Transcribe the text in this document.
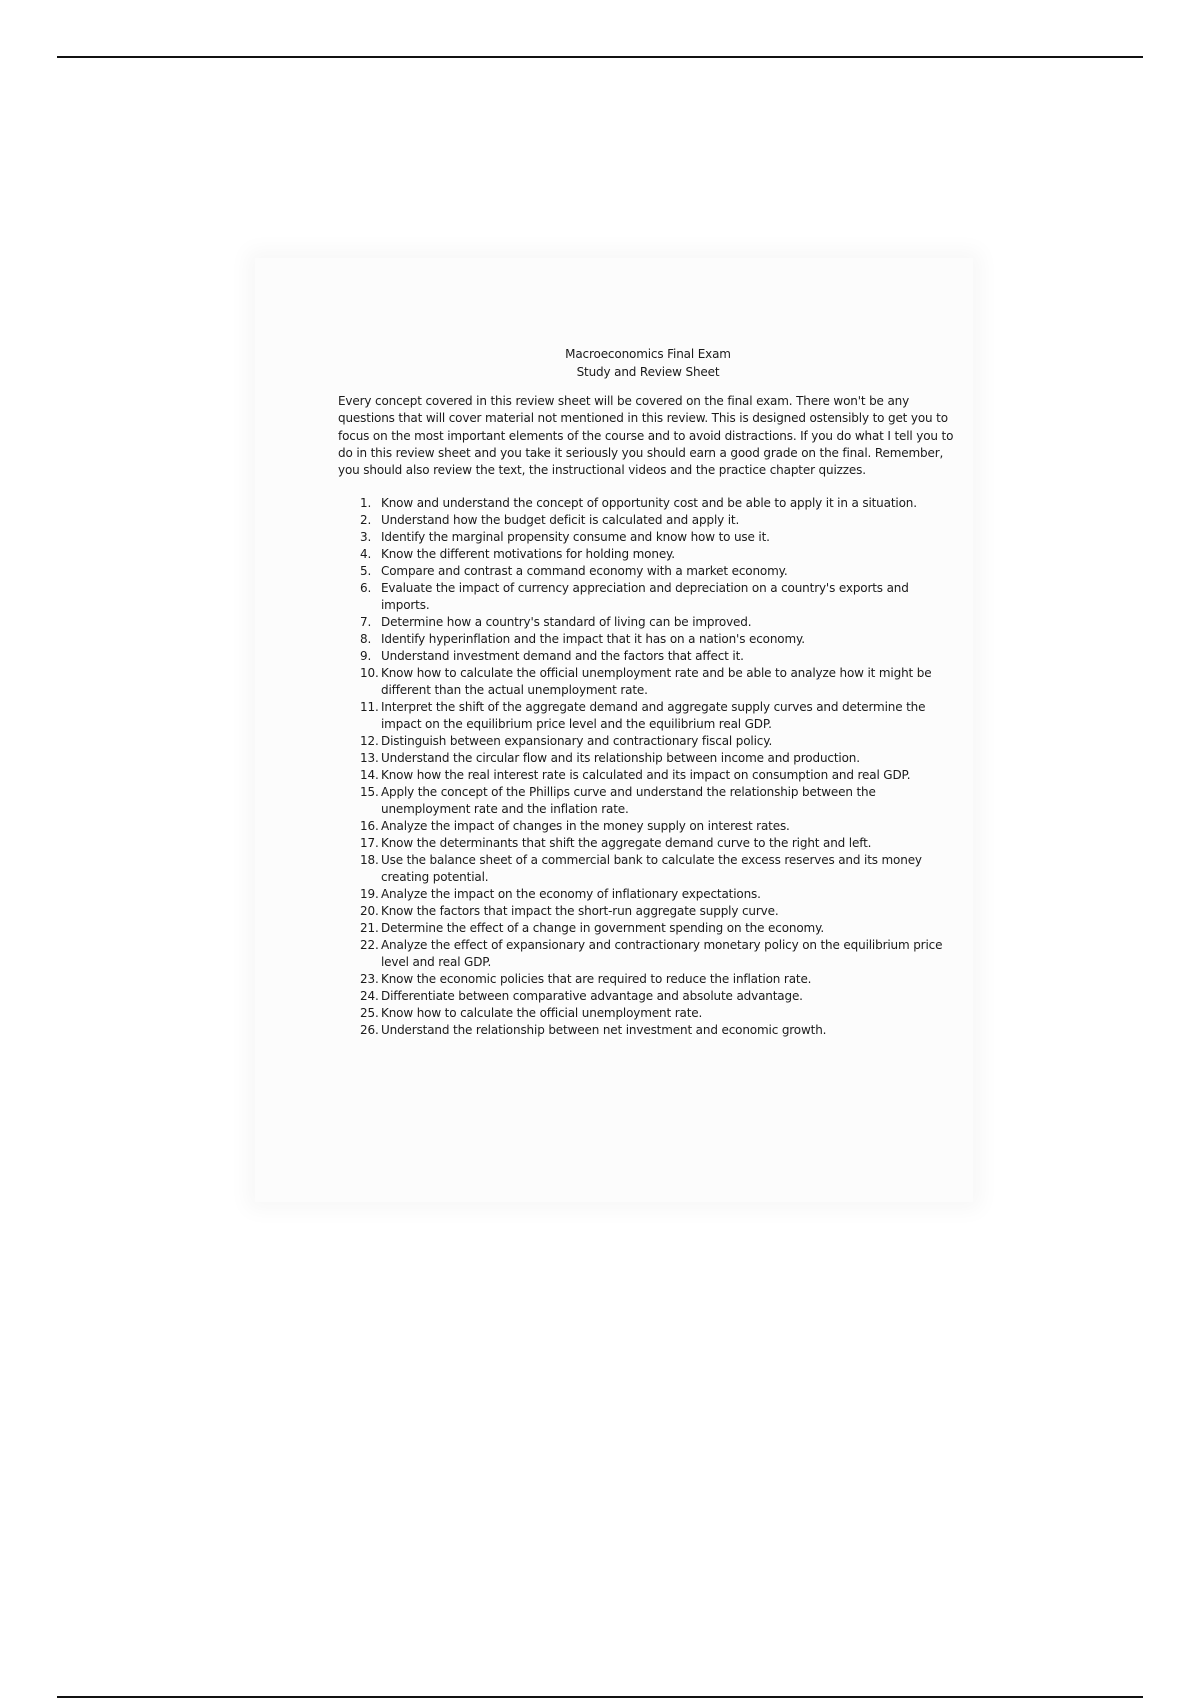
Macroeconomics Final Exam

Study and Review Sheet

Every concept covered in this review sheet will be covered on the final exam. There won't be any questions that will cover material not mentioned in this review. This is designed ostensibly to get you to focus on the most important elements of the course and to avoid distractions. If you do what I tell you to do in this review sheet and you take it seriously you should earn a good grade on the final. Remember, you should also review the text, the instructional videos and the practice chapter quizzes.

1. Know and understand the concept of opportunity cost and be able to apply it in a situation.
2. Understand how the budget deficit is calculated and apply it.
3. Identify the marginal propensity consume and know how to use it.
4. Know the different motivations for holding money.
5. Compare and contrast a command economy with a market economy.
6. Evaluate the impact of currency appreciation and depreciation on a country's exports and imports.
7. Determine how a country's standard of living can be improved.
8. Identify hyperinflation and the impact that it has on a nation's economy.
9. Understand investment demand and the factors that affect it.
10. Know how to calculate the official unemployment rate and be able to analyze how it might be different than the actual unemployment rate.
11. Interpret the shift of the aggregate demand and aggregate supply curves and determine the impact on the equilibrium price level and the equilibrium real GDP.
12. Distinguish between expansionary and contractionary fiscal policy.
13. Understand the circular flow and its relationship between income and production.
14. Know how the real interest rate is calculated and its impact on consumption and real GDP.
15. Apply the concept of the Phillips curve and understand the relationship between the unemployment rate and the inflation rate.
16. Analyze the impact of changes in the money supply on interest rates.
17. Know the determinants that shift the aggregate demand curve to the right and left.
18. Use the balance sheet of a commercial bank to calculate the excess reserves and its money creating potential.
19. Analyze the impact on the economy of inflationary expectations.
20. Know the factors that impact the short-run aggregate supply curve.
21. Determine the effect of a change in government spending on the economy.
22. Analyze the effect of expansionary and contractionary monetary policy on the equilibrium price level and real GDP.
23. Know the economic policies that are required to reduce the inflation rate.
24. Differentiate between comparative advantage and absolute advantage.
25. Know how to calculate the official unemployment rate.
26. Understand the relationship between net investment and economic growth.
